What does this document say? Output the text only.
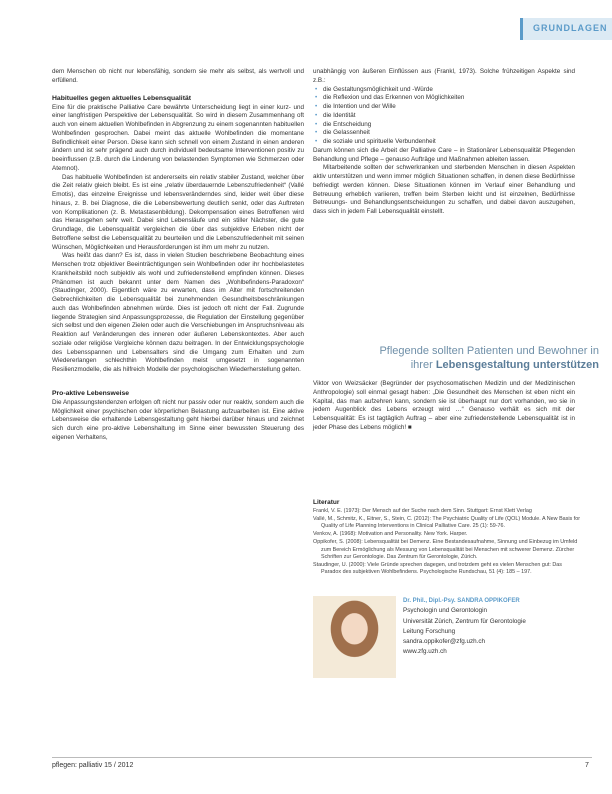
GRUNDLAGEN

dem Menschen ob nicht nur lebensfähig, sondern sie mehr als selbst, als wertvoll und erfüllend.

Habituelles gegen aktuelles Lebensqualität

Eine für die praktische Palliative Care bewährte Unterscheidung liegt in einer kurz- und einer langfristigen Perspektive der Lebensqualität. So wird in diesem Zusammenhang oft auch von einem aktuellen Wohlbefinden in Abgrenzung zu einem sogenannten habituellen Wohlbefinden gesprochen. Dabei meint das aktuelle Wohlbefinden die momentane Befindlichkeit einer Person. Diese kann sich schnell von einem Zustand in einen anderen ändern und ist sehr prägend auch durch individuell bedeutsame Interventionen positiv zu beeinflussen (z.B. durch die Linderung von belastenden Symptomen wie Schmerzen oder Atemnot).

Das habituelle Wohlbefinden ist andererseits ein relativ stabiler Zustand, welcher über die Zeit relativ gleich bleibt. Es ist eine „relativ überdauernde Lebenszufriedenheit“ (Vallé Emotis), das einzelne Ereignisse und lebensveränderndes sind, leider weit über diese hinaus, z. B. bei Diagnose, die die Lebensbewertung deutlich senkt, oder das Auftreten von Komplikationen (z. B. Metastasenbildung). Dekompensation eines Betroffenen wird das Herausgehen sehr weit. Dabei sind Lebensläufe und ein stiller Nächster, die gute Grundlage, die Lebensqualität vergleichen die über das subjektive Erleben nicht der Betroffene selbst die Lebensqualität zu beurteilen und die Lebenszufriedenheit mit seinen Wünschen, Möglichkeiten und Herausforderungen ist ihm um mehr zu nutzen.

Was heißt das dann? Es ist, dass in vielen Studien beschriebene Beobachtung eines Menschen trotz objektiver Beeinträchtigungen sein Wohlbefinden oder ihr hochbelastetes Krankheitsbild noch subjektiv als wohl und zufriedenstellend empfinden können. Dieses Phänomen ist auch bekannt unter dem Namen des „Wohlbefindens-Paradoxon“ (Staudinger, 2000). Eigentlich wäre zu erwarten, dass im Alter mit fortschreitenden Gebrechlichkeiten die Lebensqualität bei zunehmenden Gesundheitsbeschränkungen auch das Wohlbefinden abnehmen würde. Dies ist jedoch oft nicht der Fall. Zugrunde liegende Strategien sind Anpassungsprozesse, die Regulation der Einstellung gegenüber sich selbst und den eigenen Zielen oder auch die Verschiebungen im Anspruchsniveau als Reaktion auf Veränderungen des inneren oder äußeren Lebenskontextes. Aber auch soziale oder religiöse Vergleiche können dazu beitragen. In der Entwicklungspsychologie des Lebensspannen und Lebensalters sind die Umgang zum Erhalten und zum Wiedererlangen schlechthin Wohlbefinden meist umgesetzt in sogenannten Resilienzmodelle, die als hilfreich Modelle der psychologischen Wiederherstellung gelten.

Pro-aktive Lebensweise

Die Anpassungstendenzen erfolgen oft nicht nur passiv oder nur reaktiv, sondern auch die Möglichkeit einer psychischen oder körperlichen Belastung aufzuarbeiten ist. Eine aktive Lebensweise die erhaltende Lebensgestaltung geht hierbei darüber hinaus und zeichnet sich durch eine pro-aktive Lebenshaltung im Sinne einer bewussten Steuerung des eigenen Verhaltens,

unabhängig von äußeren Einflüssen aus (Frankl, 1973). Solche frühzeitigen Aspekte sind z.B.:

• die Gestaltungsmöglichkeit und -Würde
• die Reflexion und das Erkennen von Möglichkeiten
• die Intention und der Wille
• die Identität
• die Entscheidung
• die Gelassenheit
• die soziale und spirituelle Verbundenheit

Darum können sich die Arbeit der Palliative Care – in Stationärer Lebensqualität Pflegenden Behandlung und Pflege – genauso Aufträge und Maßnahmen ableiten lassen.

Mitarbeitende sollten der schwerkranken und sterbenden Menschen in diesen Aspekten aktiv unterstützen und wenn immer möglich Situationen schaffen, in denen diese Bedürfnisse befriedigt werden können. Diese Situationen können im Verlauf einer Behandlung und Betreuung erheblich variieren, treffen beim Sterben leicht und ist einzelnen, Bedürfnisse Betreuungs- und Behandlungsentscheidungen zu schaffen, und dabei davon auszugehen, dass sich in jedem Fall Lebensqualität einstellt.

Pflegende sollten Patienten und Bewohner in
ihrer Lebensgestaltung unterstützen

Viktor von Weizsäcker (Begründer der psychosomatischen Medizin und der Medizinischen Anthropologie) soll einmal gesagt haben: „Die Gesundheit des Menschen ist eben nicht ein Kapital, das man aufzehren kann, sondern sie ist überhaupt nur dort vorhanden, wo sie in jedem Augenblick des Lebens erzeugt wird …“ Genauso verhält es sich mit der Lebensqualität: Es ist tagtäglich Auftrag – aber eine zufriedenstellende Lebensqualität ist in jeder Phase des Lebens möglich! ■

Literatur

Frankl, V. E. (1973): Der Mensch auf der Suche nach dem Sinn. Stuttgart: Ernst Klett Verlag

Vallé, M., Schmitz, K., Eitner, S., Stein, C. (2012): The Psychiatric Quality of Life (QOL) Module. A New Basis for Quality of Life Planning Interventions in Clinical Palliative Care. 25 (1): 59-76.

Venkov, A. (1968): Motivation and Personality. New York. Harper.

Oppikofer, S. (2008): Lebensqualität bei Demenz. Eine Bestandesaufnahme, Sinnung und Einbezug im Umfeld zum Bereich Ermöglichung als Messung von Lebensqualität bei Menschen mit schwerer Demenz. Zürcher Schriften zur Gerontologie. Das Zentrum für Gerontologie, Zürich.

Staudinger, U. (2000): Viele Gründe sprechen dagegen, und trotzdem geht es vielen Menschen gut: Das Paradox des subjektiven Wohlbefindens. Psychologische Rundschau, 51 (4): 185 – 197.

Dr. Phil., Dipl.-Psy. SANDRA OPPIKOFER
Psychologin und Gerontologin
Universität Zürich, Zentrum für Gerontologie
Leitung Forschung
sandra.oppikofer@zfg.uzh.ch
www.zfg.uzh.ch
pflegen: palliativ 15 / 2012	7
